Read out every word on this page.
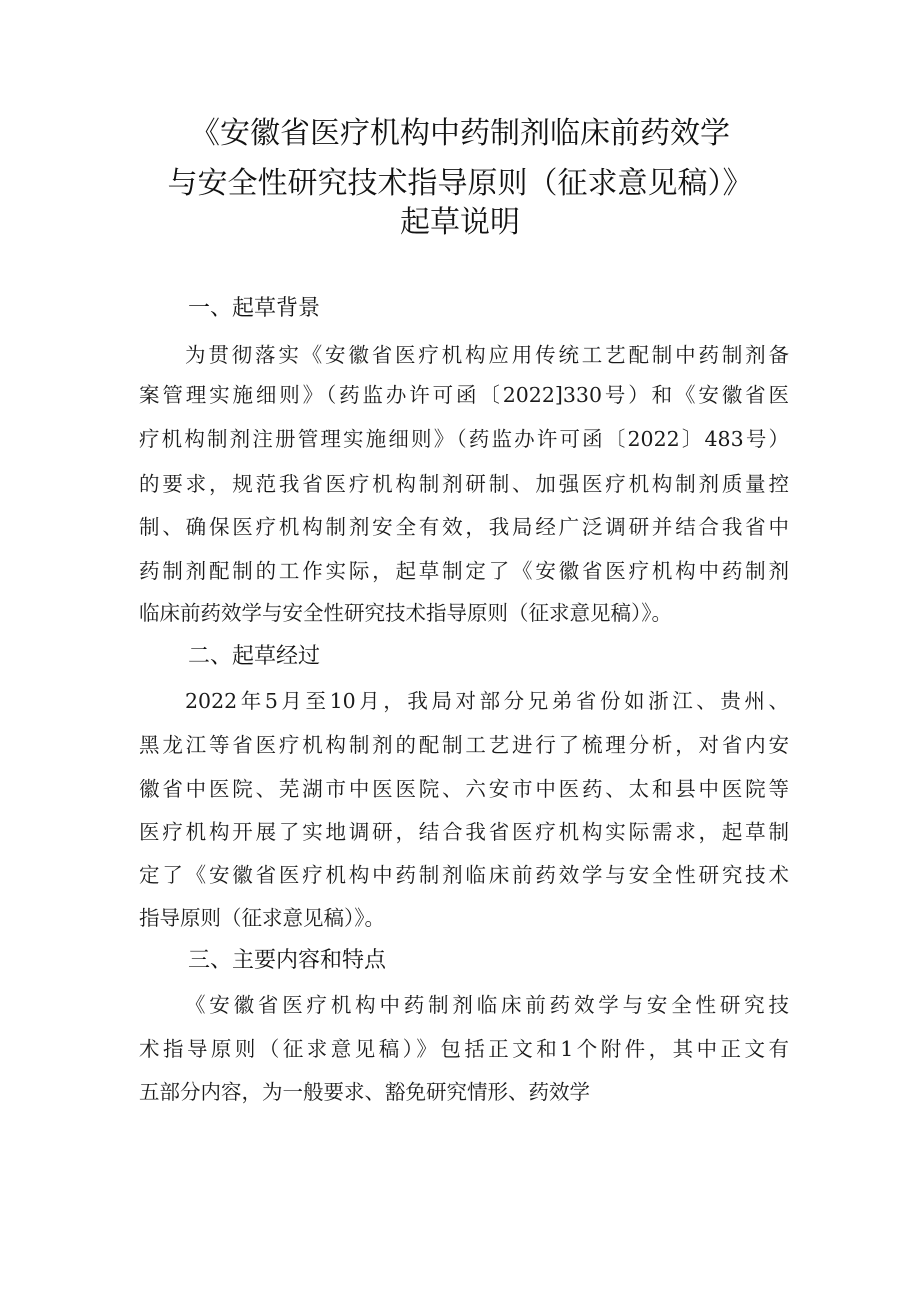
《安徽省医疗机构中药制剂临床前药效学
与安全性研究技术指导原则（征求意见稿）》
起草说明
一、起草背景
为贯彻落实《安徽省医疗机构应用传统工艺配制中药制剂备
案管理实施细则》（药监办许可函〔2022]330号）和《安徽省医
疗机构制剂注册管理实施细则》（药监办许可函〔2022〕483号）
的要求，规范我省医疗机构制剂研制、加强医疗机构制剂质量控
制、确保医疗机构制剂安全有效，我局经广泛调研并结合我省中
药制剂配制的工作实际，起草制定了《安徽省医疗机构中药制剂
临床前药效学与安全性研究技术指导原则（征求意见稿）》。
二、起草经过
2022年5月至10月，我局对部分兄弟省份如浙江、贵州、
黑龙江等省医疗机构制剂的配制工艺进行了梳理分析，对省内安
徽省中医院、芜湖市中医医院、六安市中医药、太和县中医院等
医疗机构开展了实地调研，结合我省医疗机构实际需求，起草制
定了《安徽省医疗机构中药制剂临床前药效学与安全性研究技术
指导原则（征求意见稿）》。
三、主要内容和特点
《安徽省医疗机构中药制剂临床前药效学与安全性研究技
术指导原则（征求意见稿）》包括正文和1个附件，其中正文有
五部分内容，为一般要求、豁免研究情形、药效学
